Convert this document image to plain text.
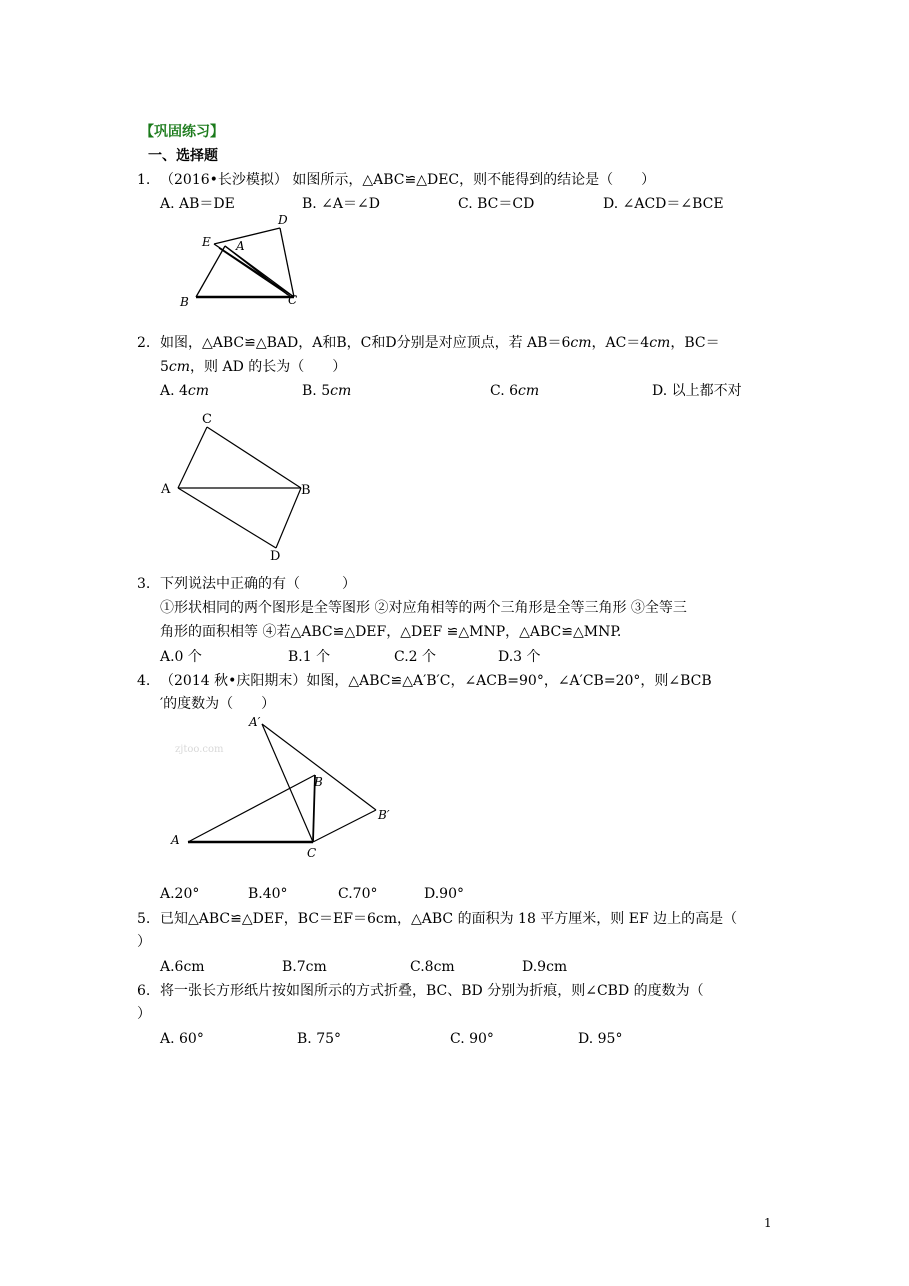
【巩固练习】
一、选择题
1. （2016•长沙模拟） 如图所示，△ABC≌△DEC，则不能得到的结论是（　　）
A. AB＝DE	B. ∠A＝∠D	C. BC＝CD	D. ∠ACD＝∠BCE
D
E A
B	C
2. 如图，△ABC≌△BAD，A和B，C和D分别是对应顶点，若 AB＝6cm，AC＝4cm，BC＝
5cm，则 AD 的长为（　　）
A. 4cm	B. 5cm	C. 6cm	D. 以上都不对
C
A	B
D
3. 下列说法中正确的有（　　　）
①形状相同的两个图形是全等图形 ②对应角相等的两个三角形是全等三角形 ③全等三
角形的面积相等 ④若△ABC≌△DEF，△DEF ≌△MNP，△ABC≌△MNP.
A.0 个	B.1 个	C.2 个	D.3 个
4. （2014 秋•庆阳期末）如图，△ABC≌△A′B′C，∠ACB=90°，∠A′CB=20°，则∠BCB
′的度数为（　　）
zjtoo.com
A′
B
B′
A
C
A.20°	B.40°	C.70°	D.90°
5. 已知△ABC≌△DEF，BC＝EF＝6cm，△ABC 的面积为 18 平方厘米，则 EF 边上的高是（
）
A.6cm	B.7cm	C.8cm	D.9cm
6. 将一张长方形纸片按如图所示的方式折叠，BC、BD 分别为折痕，则∠CBD 的度数为（
）
A. 60°	B. 75°	C. 90°	D. 95°
1
